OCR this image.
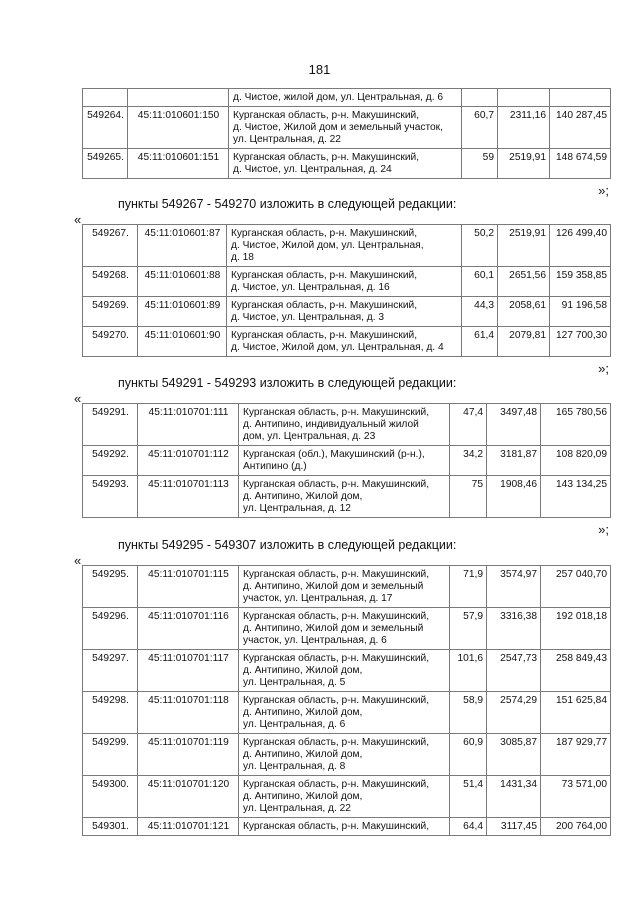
181

		д. Чистое, жилой дом, ул. Центральная, д. 6			

549264.	45:11:010601:150	Курганская область, р-н. Макушинский,
д. Чистое, Жилой дом и земельный участок,
ул. Центральная, д. 22	60,7	2311,16	140 287,45
549265.	45:11:010601:151	Курганская область, р-н. Макушинский,
д. Чистое, ул. Центральная, д. 24	59	2519,91	148 674,59
»;
пункты 549267 - 549270 изложить в следующей редакции:
«
549267.	45:11:010601:87	Курганская область, р-н. Макушинский,
д. Чистое, Жилой дом, ул. Центральная,
д. 18	50,2	2519,91	126 499,40
549268.	45:11:010601:88	Курганская область, р-н. Макушинский,
д. Чистое, ул. Центральная, д. 16	60,1	2651,56	159 358,85
549269.	45:11:010601:89	Курганская область, р-н. Макушинский,
д. Чистое, ул. Центральная, д. 3	44,3	2058,61	91 196,58
549270.	45:11:010601:90	Курганская область, р-н. Макушинский,
д. Чистое, Жилой дом, ул. Центральная, д. 4	61,4	2079,81	127 700,30
»;
пункты 549291 - 549293 изложить в следующей редакции:
«
549291.	45:11:010701:111	Курганская область, р-н. Макушинский,
д. Антипино, индивидуальный жилой
дом, ул. Центральная, д. 23	47,4	3497,48	165 780,56
549292.	45:11:010701:112	Курганская (обл.), Макушинский (р-н.),
Антипино (д.)	34,2	3181,87	108 820,09
549293.	45:11:010701:113	Курганская область, р-н. Макушинский,
д. Антипино, Жилой дом,
ул. Центральная, д. 12	75	1908,46	143 134,25
»;
пункты 549295 - 549307 изложить в следующей редакции:
«
549295.	45:11:010701:115	Курганская область, р-н. Макушинский,
д. Антипино, Жилой дом и земельный
участок, ул. Центральная, д. 17	71,9	3574,97	257 040,70
549296.	45:11:010701:116	Курганская область, р-н. Макушинский,
д. Антипино, Жилой дом и земельный
участок, ул. Центральная, д. 6	57,9	3316,38	192 018,18
549297.	45:11:010701:117	Курганская область, р-н. Макушинский,
д. Антипино, Жилой дом,
ул. Центральная, д. 5	101,6	2547,73	258 849,43
549298.	45:11:010701:118	Курганская область, р-н. Макушинский,
д. Антипино, Жилой дом,
ул. Центральная, д. 6	58,9	2574,29	151 625,84
549299.	45:11:010701:119	Курганская область, р-н. Макушинский,
д. Антипино, Жилой дом,
ул. Центральная, д. 8	60,9	3085,87	187 929,77
549300.	45:11:010701:120	Курганская область, р-н. Макушинский,
д. Антипино, Жилой дом,
ул. Центральная, д. 22	51,4	1431,34	73 571,00
549301.	45:11:010701:121	Курганская область, р-н. Макушинский,	64,4	3117,45	200 764,00
